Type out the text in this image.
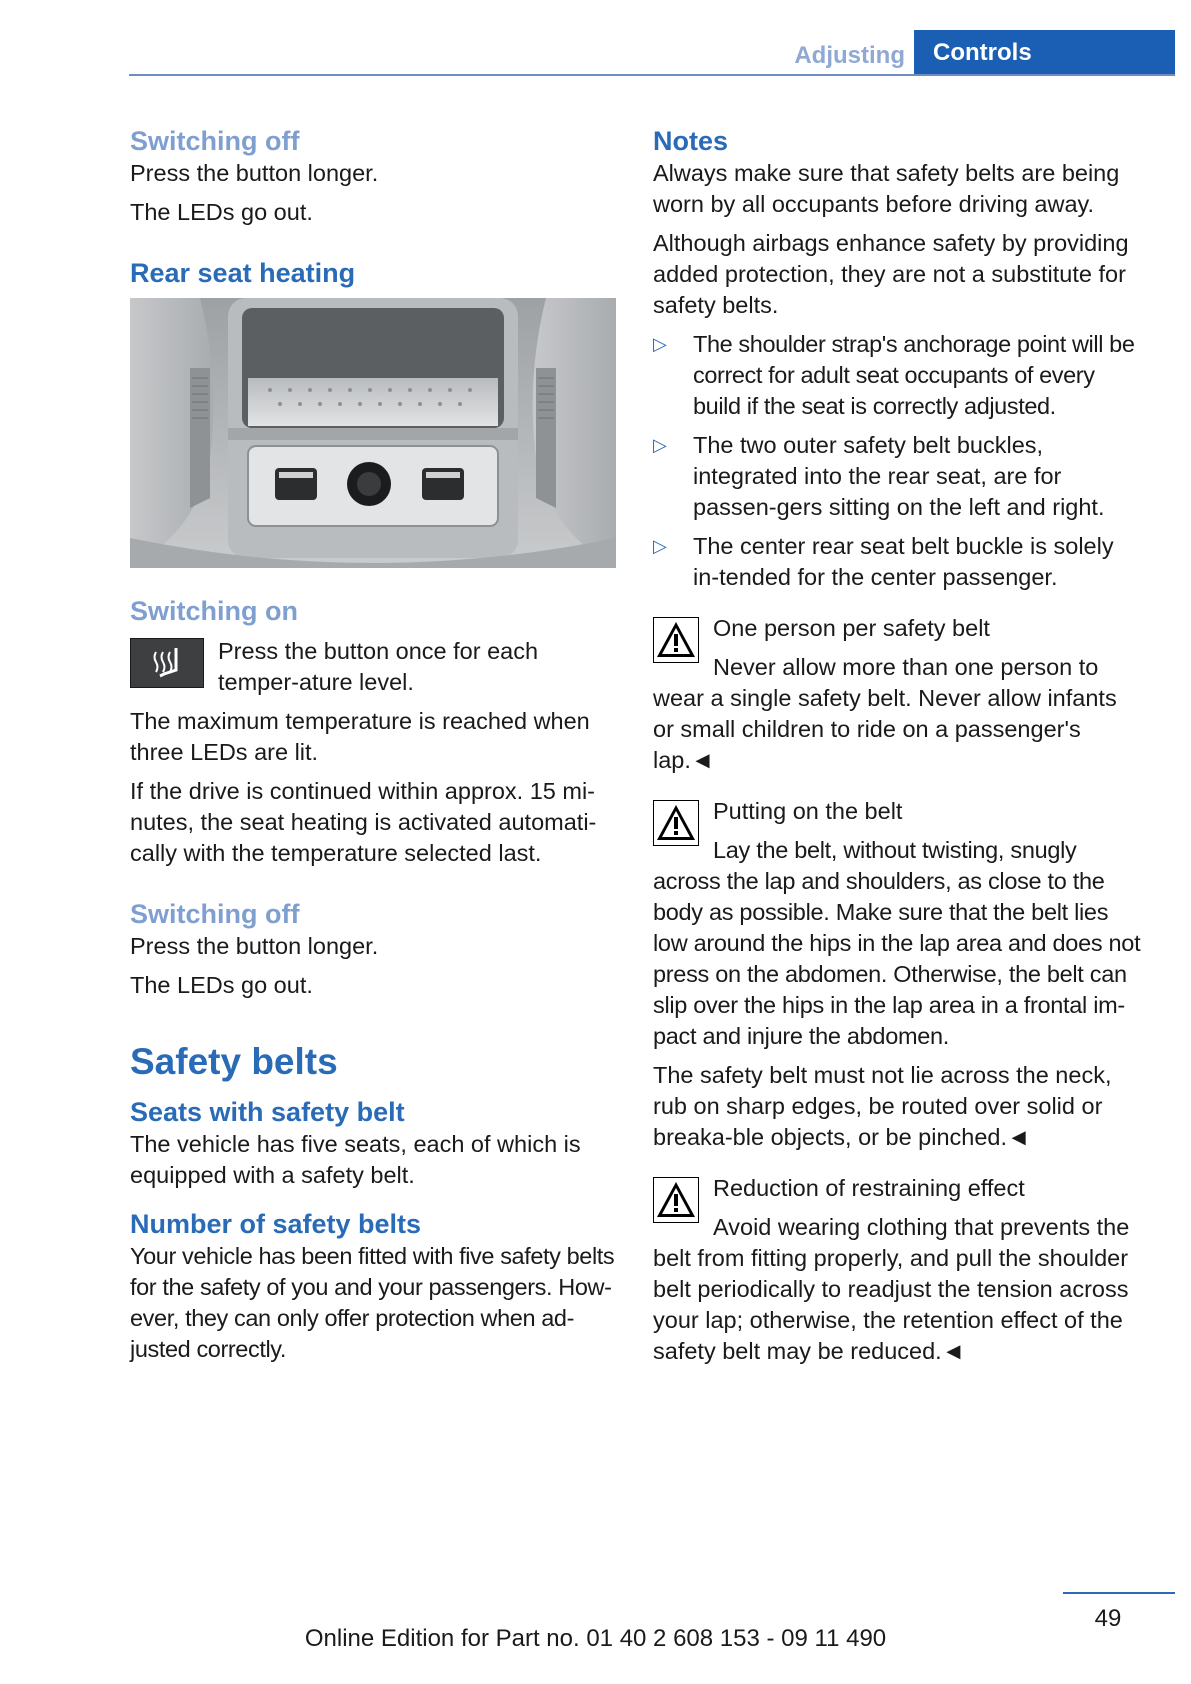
Adjusting	Controls
Switching off

Press the button longer.

The LEDs go out.

Rear seat heating
Switching on

Press the button once for each temper-ature level.

The maximum temperature is reached when three LEDs are lit.

If the drive is continued within approx. 15 mi-nutes, the seat heating is activated automati-cally with the temperature selected last.

Switching off

Press the button longer.

The LEDs go out.

Safety belts
Seats with safety belt

The vehicle has five seats, each of which is equipped with a safety belt.

Number of safety belts

Your vehicle has been fitted with five safety belts for the safety of you and your passengers. How-ever, they can only offer protection when ad-justed correctly.

Notes

Always make sure that safety belts are being worn by all occupants before driving away.

Although airbags enhance safety by providing added protection, they are not a substitute for safety belts.

▷	The shoulder strap's anchorage point will be correct for adult seat occupants of every build if the seat is correctly adjusted.
▷	The two outer safety belt buckles, integrated into the rear seat, are for passen-gers sitting on the left and right.
▷	The center rear seat belt buckle is solely in-tended for the center passenger.

One person per safety belt

Never allow more than one person to wear a single safety belt. Never allow infants or small children to ride on a passenger's lap.◄

Putting on the belt

Lay the belt, without twisting, snugly across the lap and shoulders, as close to the body as possible. Make sure that the belt lies low around the hips in the lap area and does not press on the abdomen. Otherwise, the belt can slip over the hips in the lap area in a frontal im-pact and injure the abdomen.

The safety belt must not lie across the neck, rub on sharp edges, be routed over solid or breaka-ble objects, or be pinched.◄

Reduction of restraining effect

Avoid wearing clothing that prevents the belt from fitting properly, and pull the shoulder belt periodically to readjust the tension across your lap; otherwise, the retention effect of the safety belt may be reduced.◄

49
Online Edition for Part no. 01 40 2 608 153 - 09 11 490
